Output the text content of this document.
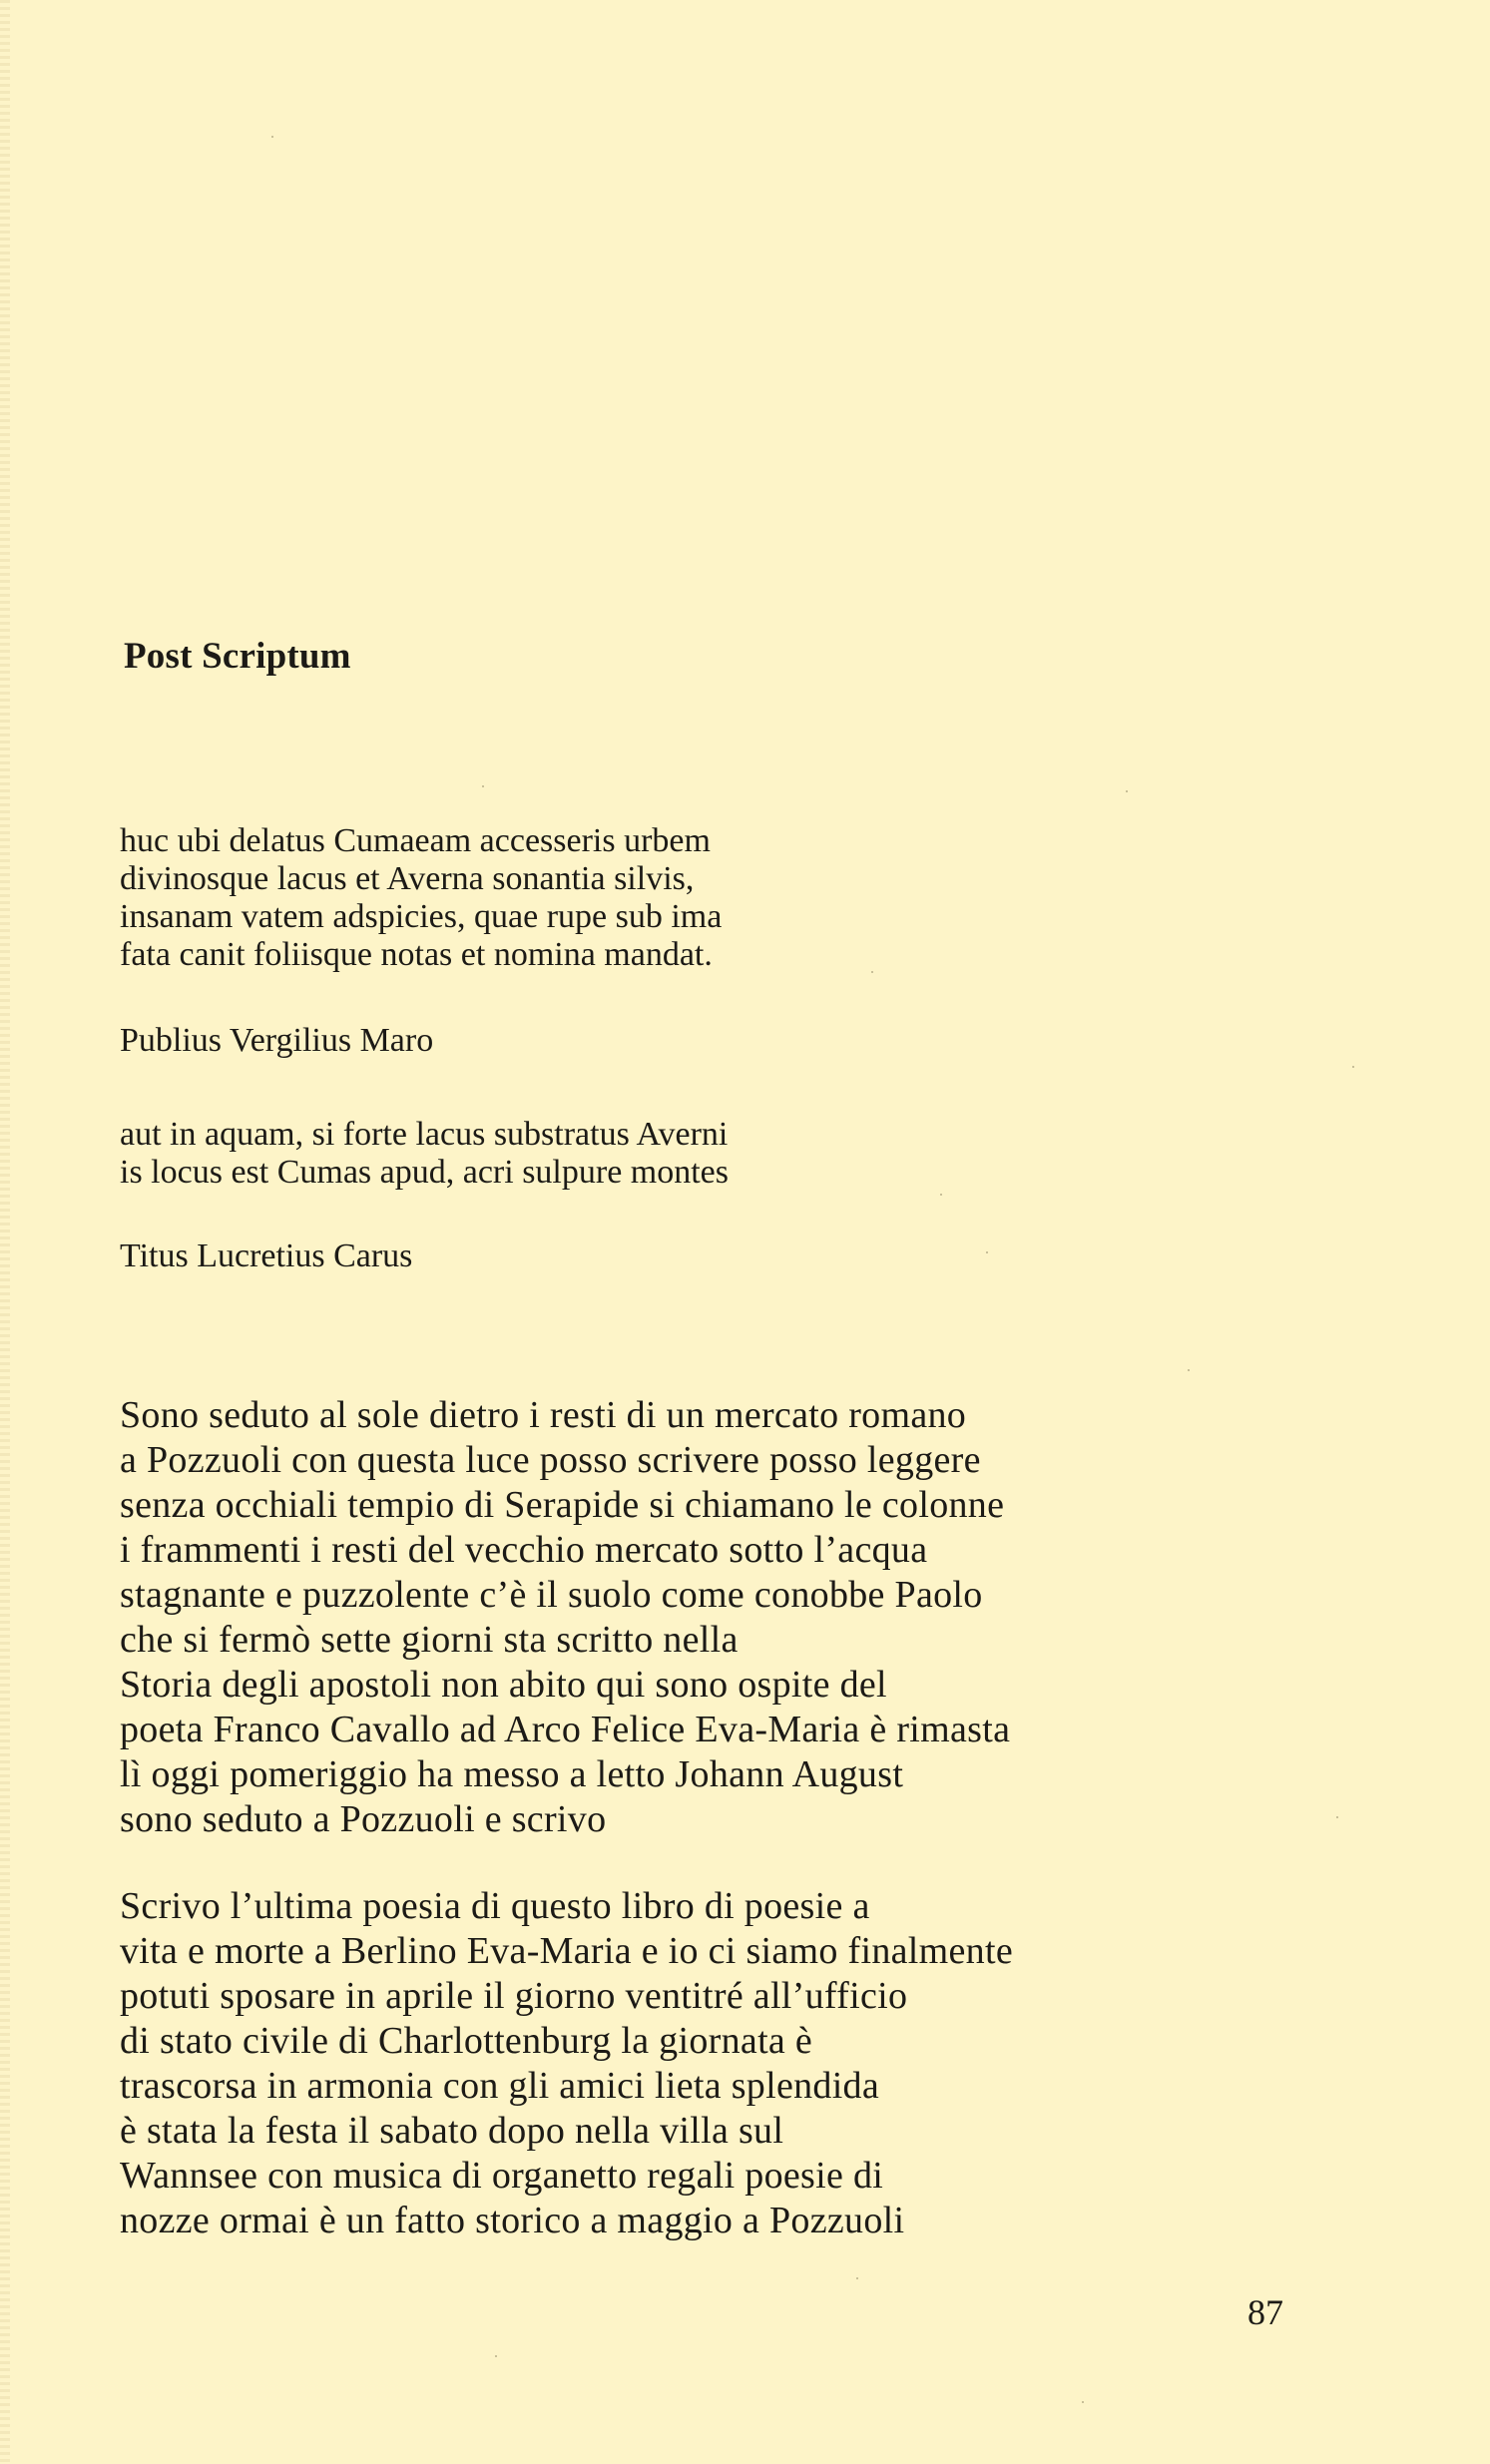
Post Scriptum
huc ubi delatus Cumaeam accesseris urbem
divinosque lacus et Averna sonantia silvis,
insanam vatem adspicies, quae rupe sub ima
fata canit foliisque notas et nomina mandat.
Publius Vergilius Maro
aut in aquam, si forte lacus substratus Averni
is locus est Cumas apud, acri sulpure montes
Titus Lucretius Carus
Sono seduto al sole dietro i resti di un mercato romano
a Pozzuoli con questa luce posso scrivere posso leggere
senza occhiali tempio di Serapide si chiamano le colonne
i frammenti i resti del vecchio mercato sotto l’acqua
stagnante e puzzolente c’è il suolo come conobbe Paolo
che si fermò sette giorni sta scritto nella
Storia degli apostoli non abito qui sono ospite del
poeta Franco Cavallo ad Arco Felice Eva-Maria è rimasta
lì oggi pomeriggio ha messo a letto Johann August
sono seduto a Pozzuoli e scrivo
Scrivo l’ultima poesia di questo libro di poesie a
vita e morte a Berlino Eva-Maria e io ci siamo finalmente
potuti sposare in aprile il giorno ventitré all’ufficio
di stato civile di Charlottenburg la giornata è
trascorsa in armonia con gli amici lieta splendida
è stata la festa il sabato dopo nella villa sul
Wannsee con musica di organetto regali poesie di
nozze ormai è un fatto storico a maggio a Pozzuoli
87
